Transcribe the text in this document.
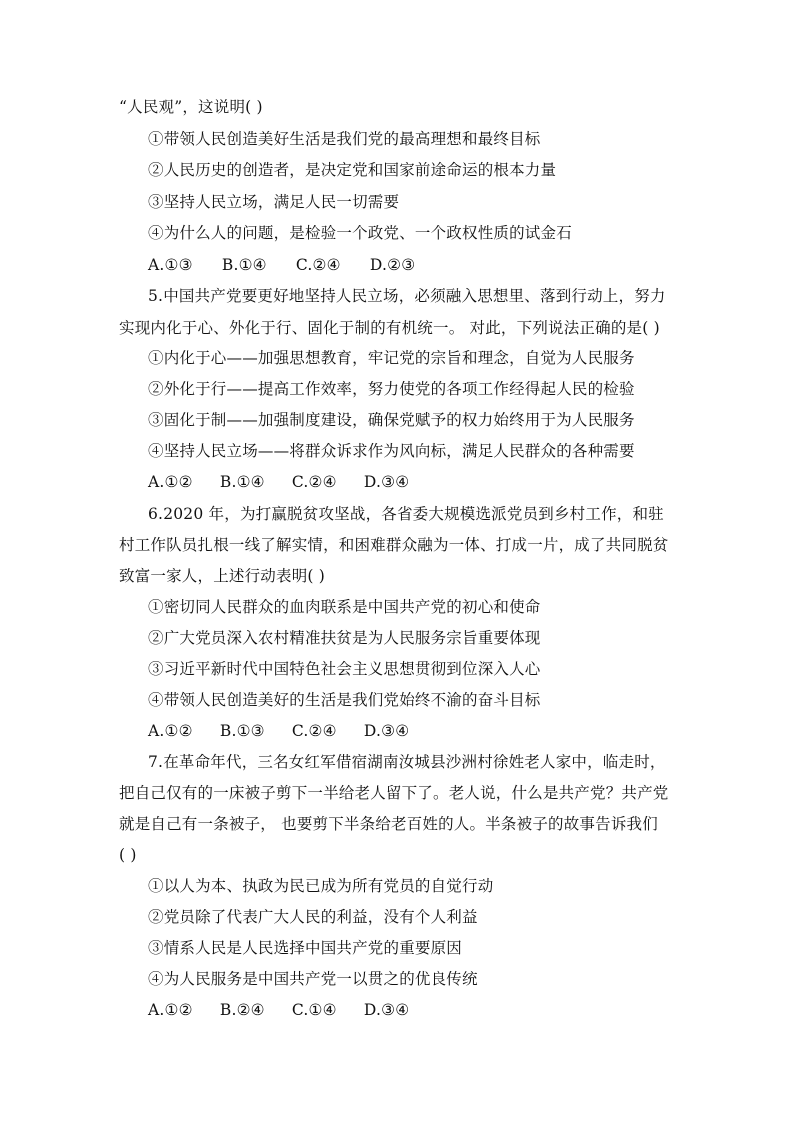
“人民观”，这说明( )
①带领人民创造美好生活是我们党的最高理想和最终目标
②人民历史的创造者，是决定党和国家前途命运的根本力量
③坚持人民立场，满足人民一切需要
④为什么人的问题，是检验一个政党、一个政权性质的试金石
A.①③ B.①④ C.②④ D.②③
5.中国共产党要更好地坚持人民立场，必须融入思想里、落到行动上，努力
实现内化于心、外化于行、固化于制的有机统一。 对此，下列说法正确的是( )
①内化于心——加强思想教育，牢记党的宗旨和理念，自觉为人民服务
②外化于行——提高工作效率，努力使党的各项工作经得起人民的检验
③固化于制——加强制度建设，确保党赋予的权力始终用于为人民服务
④坚持人民立场——将群众诉求作为风向标，满足人民群众的各种需要
A.①② B.①④ C.②④ D.③④
6.2020 年，为打赢脱贫攻坚战，各省委大规模选派党员到乡村工作，和驻
村工作队员扎根一线了解实情，和困难群众融为一体、打成一片，成了共同脱贫
致富一家人，上述行动表明( )
①密切同人民群众的血肉联系是中国共产党的初心和使命
②广大党员深入农村精准扶贫是为人民服务宗旨重要体现
③习近平新时代中国特色社会主义思想贯彻到位深入人心
④带领人民创造美好的生活是我们党始终不渝的奋斗目标
A.①② B.①③ C.②④ D.③④
7.在革命年代，三名女红军借宿湖南汝城县沙洲村徐姓老人家中，临走时，
把自己仅有的一床被子剪下一半给老人留下了。老人说，什么是共产党？共产党
就是自己有一条被子， 也要剪下半条给老百姓的人。半条被子的故事告诉我们
( )
①以人为本、执政为民已成为所有党员的自觉行动
②党员除了代表广大人民的利益，没有个人利益
③情系人民是人民选择中国共产党的重要原因
④为人民服务是中国共产党一以贯之的优良传统
A.①② B.②④ C.①④ D.③④
